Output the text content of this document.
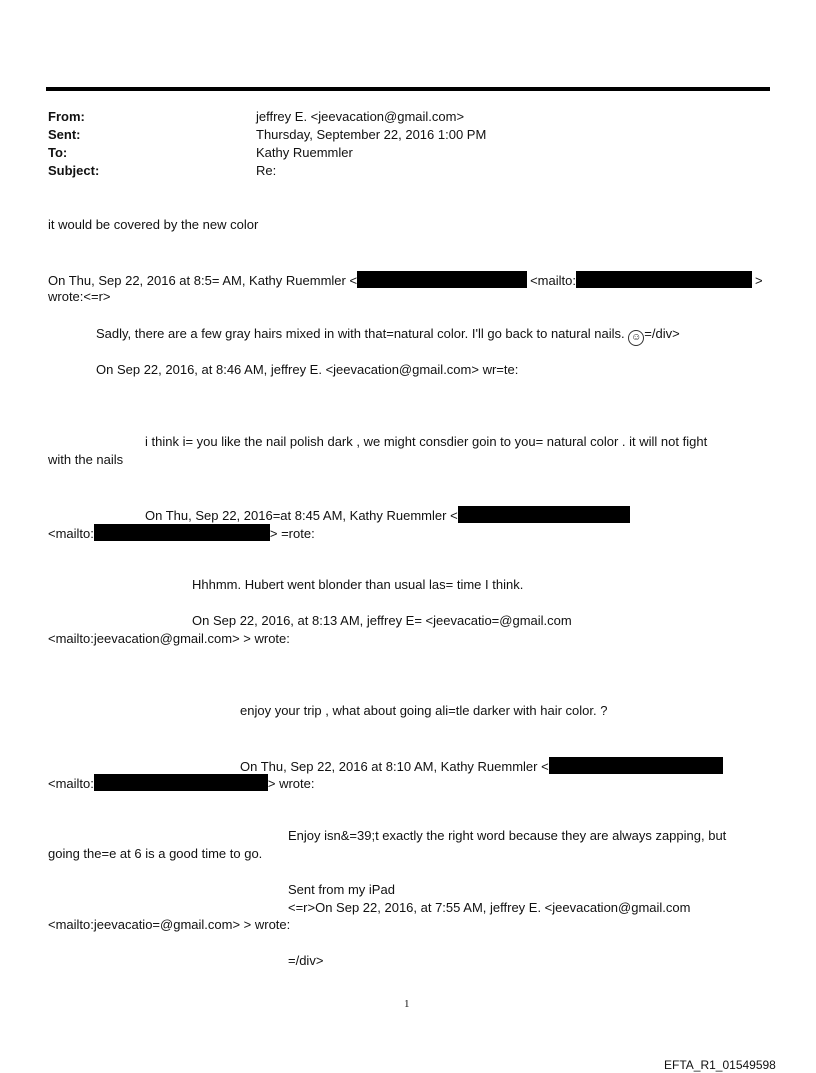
From:	jeffrey E. <jeevacation@gmail.com>
Sent:	Thursday, September 22, 2016 1:00 PM
To:	Kathy Ruemmler
Subject:	Re:
it would be covered by the new color
On Thu, Sep 22, 2016 at 8:5= AM, Kathy Ruemmler <	<mailto:	>
wrote:<=r>
Sadly, there are a few gray hairs mixed in with that=natural color. I'll go back to natural nails. ☺ =/div>
On Sep 22, 2016, at 8:46 AM, jeffrey E. <jeevacation@gmail.com> wr=te:
i think i= you like the nail polish dark , we might consdier goin to you= natural color . it will not fight
with the nails
On Thu, Sep 22, 2016=at 8:45 AM, Kathy Ruemmler <
<mailto:	> =rote:
Hhhmm. Hubert went blonder than usual las= time I think.
On Sep 22, 2016, at 8:13 AM, jeffrey E= <jeevacatio=@gmail.com
<mailto:jeevacation@gmail.com> > wrote:
enjoy your trip , what about going ali=tle darker with hair color. ?
On Thu, Sep 22, 2016 at 8:10 AM, Kathy Ruemmler <
<mailto:	> wrote:
Enjoy isn&=39;t exactly the right word because they are always zapping, but
going the=e at 6 is a good time to go.
Sent from my iPad
<=r>On Sep 22, 2016, at 7:55 AM, jeffrey E. <jeevacation@gmail.com
<mailto:jeevacatio=@gmail.com> > wrote:
=/div>
1
EFTA_R1_01549598
